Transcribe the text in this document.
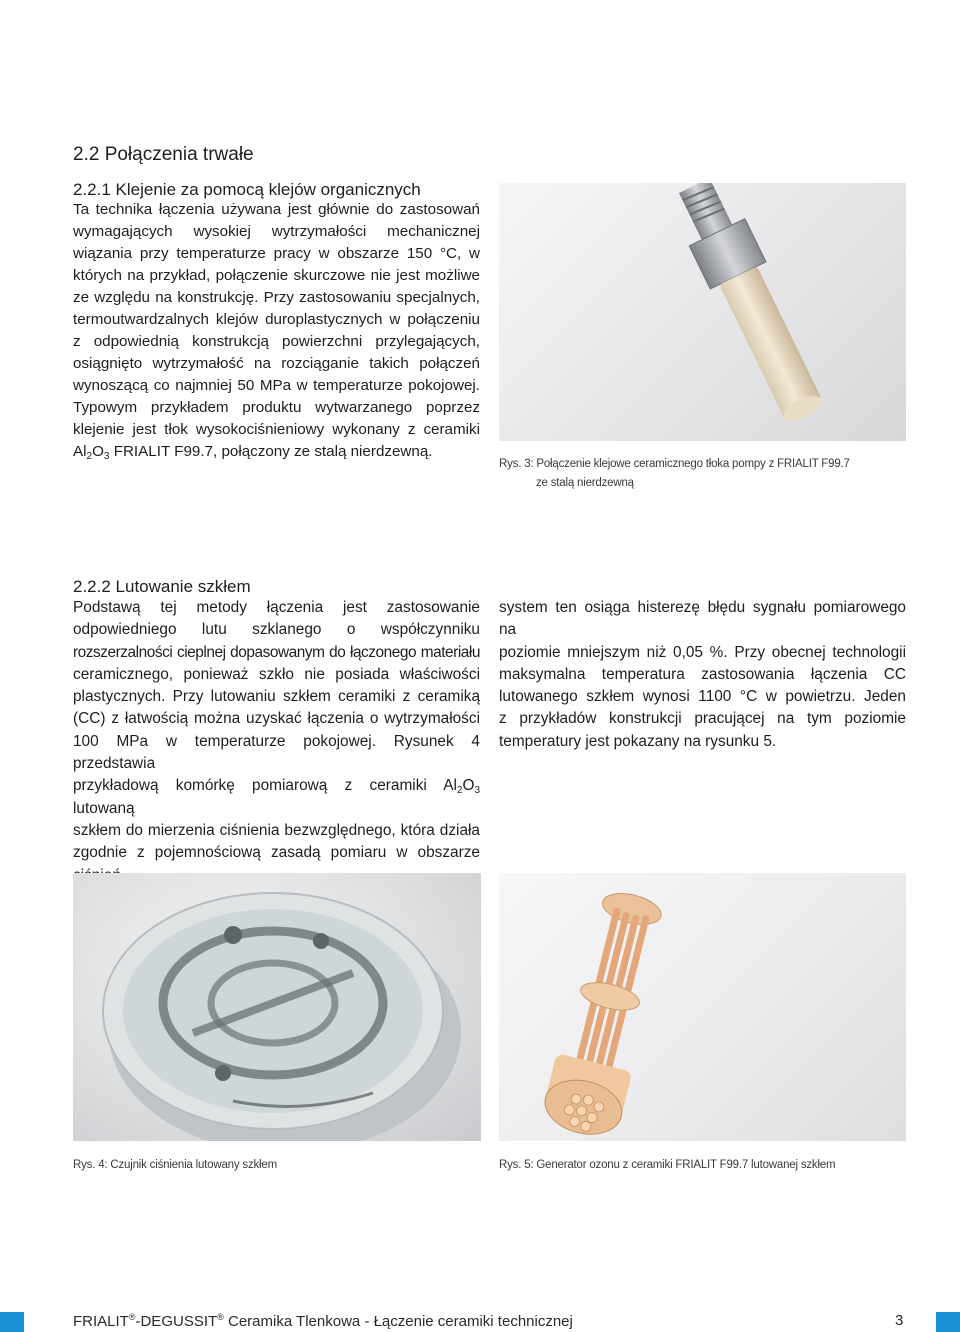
2.2 Połączenia trwałe
2.2.1 Klejenie za pomocą klejów organicznych
Ta technika łączenia używana jest głównie do zastosowań
wymagających wysokiej wytrzymałości mechanicznej
wiązania przy temperaturze pracy w obszarze 150 °C, w
których na przykład, połączenie skurczowe nie jest możliwe
ze względu na konstrukcję. Przy zastosowaniu specjalnych,
termoutwardzalnych klejów duroplastycznych w połączeniu
z odpowiednią konstrukcją powierzchni przylegających,
osiągnięto wytrzymałość na rozciąganie takich połączeń
wynoszącą co najmniej 50 MPa w temperaturze pokojowej.
Typowym przykładem produktu wytwarzanego poprzez
klejenie jest tłok wysokociśnieniowy wykonany z ceramiki
$Al_2O_3$ FRIALIT F99.7, połączony ze stalą nierdzewną.
Rys. 3: Połączenie klejowe ceramicznego tłoka pompy z FRIALIT F99.7
ze stalą nierdzewną
2.2.2 Lutowanie szkłem
Podstawą tej metody łączenia jest zastosowanie
odpowiedniego lutu szklanego o współczynniku
rozszerzalności cieplnej dopasowanym do łączonego materiału
ceramicznego, ponieważ szkło nie posiada właściwości
plastycznych. Przy lutowaniu szkłem ceramiki z ceramiką
(CC) z łatwością można uzyskać łączenia o wytrzymałości
100 MPa w temperaturze pokojowej. Rysunek 4 przedstawia
przykładową komórkę pomiarową z ceramiki $Al_2O_3$ lutowaną
szkłem do mierzenia ciśnienia bezwzględnego, która działa
zgodnie z pojemnościową zasadą pomiaru w obszarze
system ten osiąga histerezę błędu sygnału pomiarowego na
poziomie mniejszym niż 0,05 %. Przy obecnej technologii
maksymalna temperatura zastosowania łączenia CC
lutowanego szkłem wynosi 1100 °C w powietrzu. Jeden
z przykładów konstrukcji pracującej na tym poziomie
temperatury jest pokazany na rysunku 5.
Rys. 4: Czujnik ciśnienia lutowany szkłem	Rys. 5: Generator ozonu z ceramiki FRIALIT F99.7 lutowanej szkłem
FRIALIT®-DEGUSSIT® Ceramika Tlenkowa - Łączenie ceramiki technicznej	3
